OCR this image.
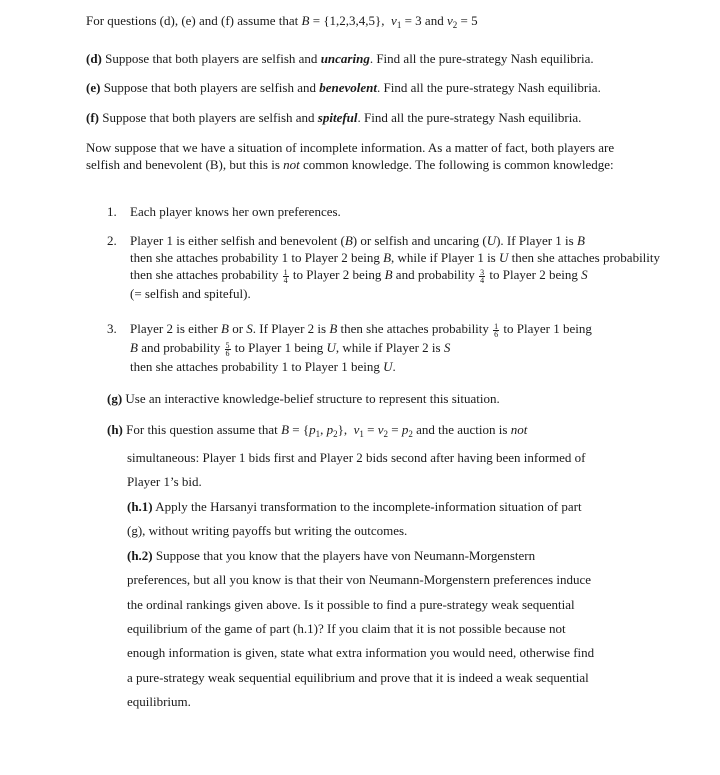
For questions (d), (e) and (f) assume that B = {1,2,3,4,5}, $v_1 = 3$ and $v_2 = 5$
(d) Suppose that both players are selfish and uncaring. Find all the pure-strategy Nash equilibria.
(e) Suppose that both players are selfish and benevolent. Find all the pure-strategy Nash equilibria.
(f) Suppose that both players are selfish and spiteful. Find all the pure-strategy Nash equilibria.
Now suppose that we have a situation of incomplete information. As a matter of fact, both players are selfish and benevolent (B), but this is not common knowledge. The following is common knowledge:
1. Each player knows her own preferences.
2. Player 1 is either selfish and benevolent (B) or selfish and uncaring (U). If Player 1 is B
then she attaches probability 1 to Player 2 being B, while if Player 1 is U then she attaches probability
then she attaches probability $\frac{1}{4}$ to Player 2 being B and probability $\frac{3}{4}$ to Player 2 being S
(= selfish and spiteful).
3. Player 2 is either B or S. If Player 2 is B then she attaches probability $\frac{1}{6}$ to Player 1 being
B and probability $\frac{5}{6}$ to Player 1 being U, while if Player 2 is S
then she attaches probability 1 to Player 1 being U.
(g) Use an interactive knowledge-belief structure to represent this situation.
(h) For this question assume that $B = \{p_1$, $p_2$}, $v_1 = v_2 = p_2$ and the auction is not
simultaneous: Player 1 bids first and Player 2 bids second after having been informed of
Player 1’s bid.
(h.1) Apply the Harsanyi transformation to the incomplete-information situation of part
(g), without writing payoffs but writing the outcomes.
(h.2) Suppose that you know that the players have von Neumann-Morgenstern
preferences, but all you know is that their von Neumann-Morgenstern preferences induce
the ordinal rankings given above. Is it possible to find a pure-strategy weak sequential
equilibrium of the game of part (h.1)? If you claim that it is not possible because not
enough information is given, state what extra information you would need, otherwise find
a pure-strategy weak sequential equilibrium and prove that it is indeed a weak sequential
equilibrium.
